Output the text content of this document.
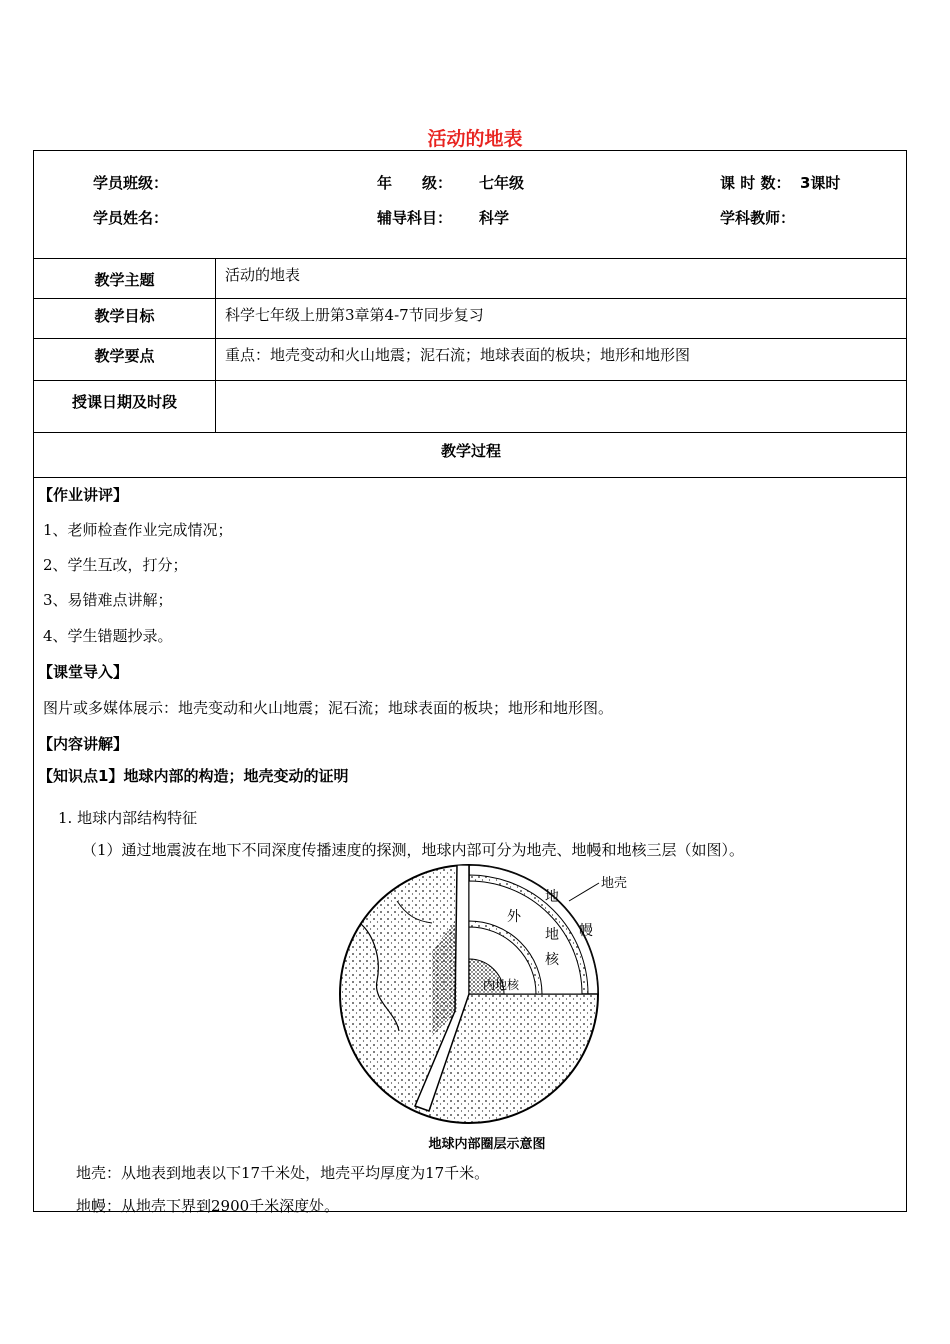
活动的地表
学员班级：	年　　级： 七年级	课 时 数： 3课时
学员姓名：	辅导科目： 科学	学科教师：
教学主题	活动的地表
教学目标	科学七年级上册第3章第4-7节同步复习
教学要点	重点：地壳变动和火山地震；泥石流；地球表面的板块；地形和地形图
授课日期及时段
教学过程
【作业讲评】
1、老师检查作业完成情况；
2、学生互改，打分；
3、易错难点讲解；
4、学生错题抄录。
【课堂导入】
图片或多媒体展示：地壳变动和火山地震；泥石流；地球表面的板块；地形和地形图。
【内容讲解】
【知识点1】地球内部的构造；地壳变动的证明
1. 地球内部结构特征
（1）通过地震波在地下不同深度传播速度的探测，地球内部可分为地壳、地幔和地核三层（如图）。
地壳
地
幔
外
地
核
内地核
地球内部圈层示意图
地壳：从地表到地表以下17千米处，地壳平均厚度为17千米。
地幔：从地壳下界到2900千米深度处。
